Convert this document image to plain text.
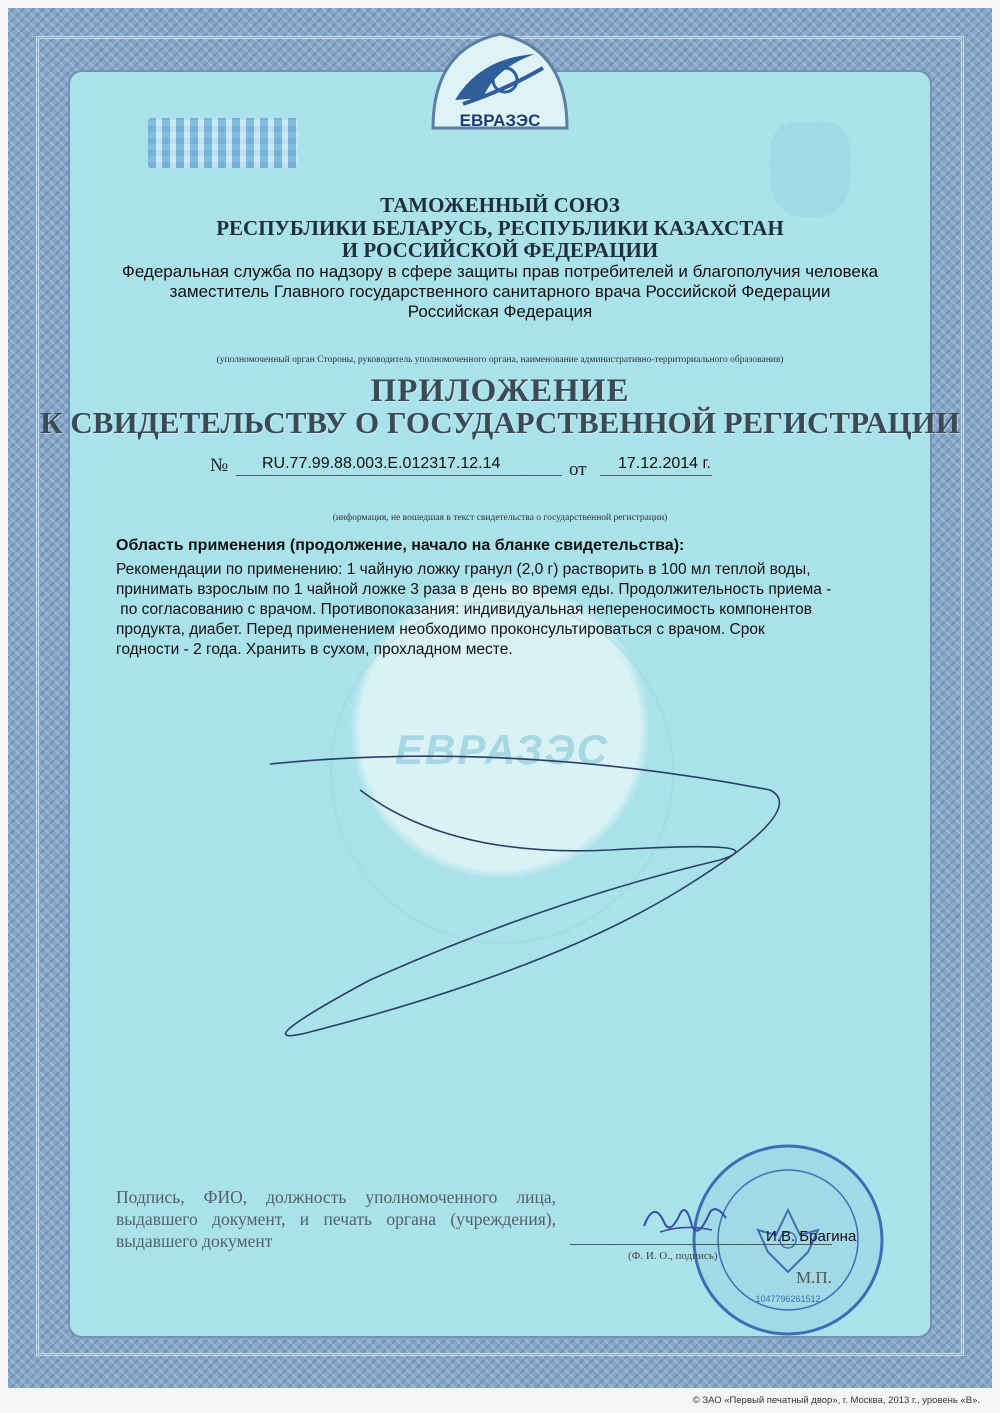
ЕВРАЗЭС
ЕВРАЗЭС
ТАМОЖЕННЫЙ СОЮЗ
РЕСПУБЛИКИ БЕЛАРУСЬ, РЕСПУБЛИКИ КАЗАХСТАН
И РОССИЙСКОЙ ФЕДЕРАЦИИ
Федеральная служба по надзору в сфере защиты прав потребителей и благополучия человека
заместитель Главного государственного санитарного врача Российской Федерации
Российская Федерация
(уполномоченный орган Стороны, руководитель уполномоченного органа, наименование административно-территориального образования)
ПРИЛОЖЕНИЕ
К СВИДЕТЕЛЬСТВУ О ГОСУДАРСТВЕННОЙ РЕГИСТРАЦИИ
№ RU.77.99.88.003.Е.012317.12.14	от 17.12.2014 г.
(информация, не вошедшая в текст свидетельства о государственной регистрации)
Область применения (продолжение, начало на бланке свидетельства):
Рекомендации по применению: 1 чайную ложку гранул (2,0 г) растворить в 100 мл теплой воды,
принимать взрослым по 1 чайной ложке 3 раза в день во время еды. Продолжительность приема -
по согласованию с врачом. Противопоказания: индивидуальная непереносимость компонентов
продукта, диабет. Перед применением необходимо проконсультироваться с врачом. Срок
годности - 2 года. Хранить в сухом, прохладном месте.
Подпись, ФИО, должность уполномоченного лица, выдавшего документ, и печать органа (учреждения), выдавшего документ
1047796261512
И.В. Брагина
(Ф. И. О., подпись)
М.П.
© ЗАО «Первый печатный двор», г. Москва, 2013 г., уровень «В».
